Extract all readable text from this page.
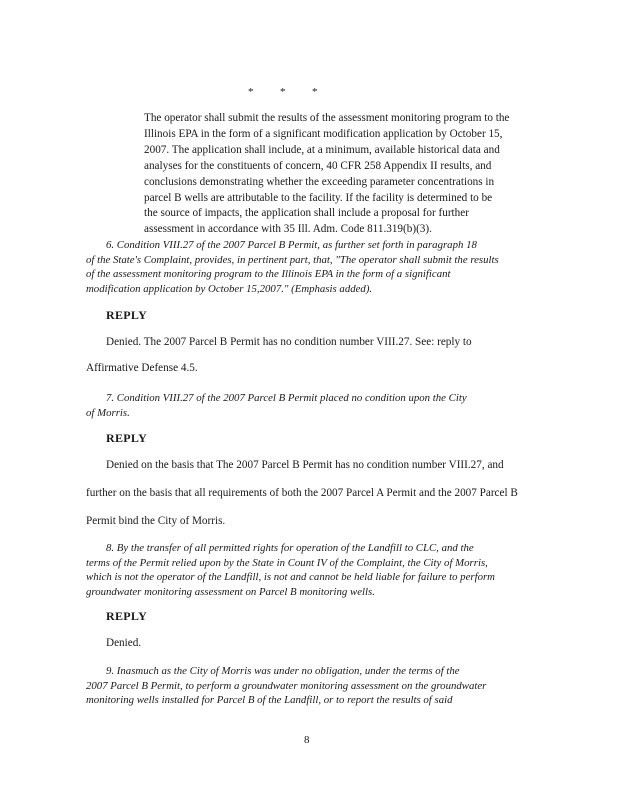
* * *
The operator shall submit the results of the assessment monitoring program to the
Illinois EPA in the form of a significant modification application by October 15,
2007. The application shall include, at a minimum, available historical data and
analyses for the constituents of concern, 40 CFR 258 Appendix II results, and
conclusions demonstrating whether the exceeding parameter concentrations in
parcel B wells are attributable to the facility. If the facility is determined to be
the source of impacts, the application shall include a proposal for further
assessment in accordance with 35 Ill. Adm. Code 811.319(b)(3).
6. Condition VIII.27 of the 2007 Parcel B Permit, as further set forth in paragraph 18
of the State's Complaint, provides, in pertinent part, that, "The operator shall submit the results
of the assessment monitoring program to the Illinois EPA in the form of a significant
modification application by October 15,2007." (Emphasis added).
REPLY
Denied. The 2007 Parcel B Permit has no condition number VIII.27. See: reply to
Affirmative Defense 4.5.
7. Condition VIII.27 of the 2007 Parcel B Permit placed no condition upon the City
of Morris.
REPLY
Denied on the basis that The 2007 Parcel B Permit has no condition number VIII.27, and
further on the basis that all requirements of both the 2007 Parcel A Permit and the 2007 Parcel B
Permit bind the City of Morris.
8. By the transfer of all permitted rights for operation of the Landfill to CLC, and the
terms of the Permit relied upon by the State in Count IV of the Complaint, the City of Morris,
which is not the operator of the Landfill, is not and cannot be held liable for failure to perform
groundwater monitoring assessment on Parcel B monitoring wells.
REPLY
Denied.
9. Inasmuch as the City of Morris was under no obligation, under the terms of the
2007 Parcel B Permit, to perform a groundwater monitoring assessment on the groundwater
monitoring wells installed for Parcel B of the Landfill, or to report the results of said
8
